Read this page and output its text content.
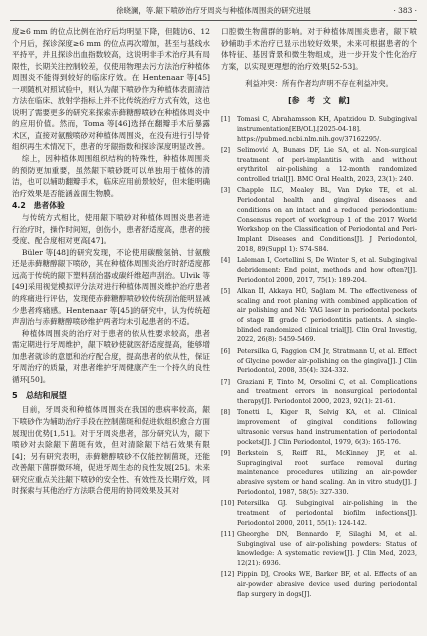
徐晓澜，等.龈下喷砂治疗牙周炎与种植体周围炎的研究进展	· 383 ·

度≥6 mm 的位点比例在治疗后均明显下降，但随访6、12个月后，探诊深度≥6 mm 的位点再次增加，甚至与基线水平持平，并且探诊出血指数较高，这说明非手术治疗具有局限性，长期关注控制较差，仅使用物理去污方法治疗种植体周围炎不能得到较好的临床疗效。在 Hentenaar 等[45]一项随机对照试验中，则认为龈下喷砂作为种植体表面清洁方法在临床、放射学指标上并不比传统治疗方式有效，这也说明了需要更多的研究来探索赤藓糖醇喷砂在种植体周炎中的应用价值。然而，Toma 等[46]选择在翻瓣手术后暴露术区，直接对氨酸喷砂对种植体周围炎，在没有进行引导骨组织再生术情况下，患者的牙龈指数和探诊深度明显改善。

综上，因种植体周围组织结构的特殊性，种植体周围炎的预防更加重要，虽然龈下喷砂既可以单独用于植体的清洁，也可以辅助翻瓣手术，临床应用前景较好，但未能明确治疗效果是否能涵盖面生物膜。

4.2　患者体验

与传统方式相比，使用龈下喷砂对种植体周围炎患者进行治疗时，操作时间短，创伤小，患者舒适度高，患者的接受度、配合度相对更高[47]。

Büler 等[48]的研究发现，不论使用碳酸氢钠、甘氨酸还是赤藓糖醇龈下喷砂，其在种植体周围炎治疗时舒适度都远高于传统的龈下塑料刮治器或碳纤维超声刮治。Ulvik 等[49]采用视觉模拟评分法对进行种植体周围炎维护治疗患者的疼痛进行评估，发现使赤藓糖醇喷砂较传统刮治能明显减少患者疼痛感。Hentenaar 等[45]的研究中，认为传统超声刮治与赤藓糖醇喷砂维护两者均未引起患者的不适。

种植体周围炎的治疗对于患者的依从性要求较高，患者需定期进行牙周维护，龈下喷砂使就医舒适度提高，能够增加患者就诊的意愿和治疗配合度，提高患者的依从性，保证牙周治疗的质量，对患者维护牙周健康产生一个持久的良性循环[50]。

5　总结和展望

目前，牙周炎和种植体周围炎在我国的患病率较高，龈下喷砂作为辅助治疗手段在控制菌斑和促进软组织愈合方面展现出优势[1,51]。对于牙周炎患者，部分研究认为，龈下喷砂对去除龈下菌斑有效，但对清除龈下结石效果有限[4]；另有研究表明，赤藓糖醇喷砂不仅能控制菌斑，还能改善龈下菌群微环境，促进牙周生态的良性发展[25]。未来研究应重点关注龈下喷砂的安全性、有效性及长期疗效，同时探索与其他治疗方法联合使用的协同效果及其对

口腔微生物菌群的影响。对于种植体周围炎患者，龈下喷砂辅助手术治疗已显示出较好效果，未来可根据患者的个体特征、基因背景和微生物组成，进一步开发个性化治疗方案，以实现更理想的治疗效果[52-53]。

利益冲突：所有作者均声明不存在利益冲突。
[参　考　文　献]
[1]	Tomasi C, Abrahamsson KH, Apatzidou D. Subgingival instrumentation[EB/OL].[2025-04-18]. https://pubmed.ncbi.nlm.nih.gov/37162295/.
[2]	Selimović A, Bunæs DF, Lie SA, et al. Non-surgical treatment of peri-implantitis with and without erythritol air-polishing a 12-month randomized controlled trial[J]. BMC Oral Health, 2023, 23(1): 240.
[3]	Chapple ILC, Mealey BL, Van Dyke TE, et al. Periodontal health and gingival diseases and conditions on an intact and a reduced periodontium: Consensus report of workgroup 1 of the 2017 World Workshop on the Classification of Periodontal and Peri-Implant Diseases and Conditions[J]. J Periodontol, 2018, 89(Suppl 1): S74-S84.
[4]	Laleman I, Cortellini S, De Winter S, et al. Subgingival debridement: End point, methods and how often?[J]. Periodontol 2000, 2017, 75(1): 189-204.
[5]	Alkan İİ, Akkaya HÜ, Sağlam M. The effectiveness of scaling and root planing with combined application of air polishing and Nd: YAG laser in periodontal pockets of stage Ⅲ grade C periodontitis patients. A single-blinded randomized clinical trial[J]. Clin Oral Investig, 2022, 26(8): 5459-5469.
[6]	Petersilka G, Faggion CM Jr, Stratmann U, et al. Effect of Glycine powder air-polishing on the gingiva[J]. J Clin Periodontol, 2008, 35(4): 324-332.
[7]	Graziani F, Tinto M, Orsolini C, et al. Complications and treatment errors in nonsurgical periodontal therapy[J]. Periodontol 2000, 2023, 92(1): 21-61.
[8]	Tonetti L, Kiger R, Selvig KA, et al. Clinical improvement of gingival conditions following ultrasonic versus hand instrumentation of periodontal pockets[J]. J Clin Periodontol, 1979, 6(3): 165-176.
[9]	Berkstein S, Reiff RL, McKinney JF, et al. Supragingival root surface removal during maintenance procedures utilizing an air-powder abrasive system or hand scaling. An in vitro study[J]. J Periodontol, 1987, 58(5): 327-330.
[10] Petersilka GJ. Subgingival air-polishing in the treatment of periodontal biofilm infections[J]. Periodontol 2000, 2011, 55(1): 124-142.
[11] Gheorghe DN, Bennardo F, Silaghi M, et al. Subgingival use of air-polishing powders: Status of knowledge: A systematic review[J]. J Clin Med, 2023, 12(21): 6936.
[12] Pippin DJ, Crooks WE, Barker BF, et al. Effects of an air-powder abrasive device used during periodontal flap surgery in dogs[J].
